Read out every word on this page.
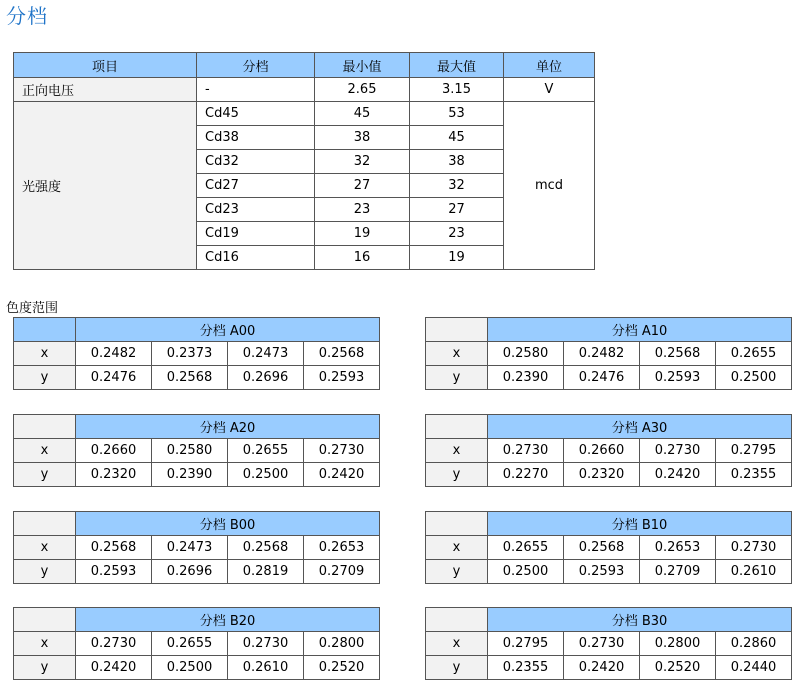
分档
项目	分档	最小值	最大值	单位
正向电压	-	2.65	3.15	V
光强度	Cd45	45	53	mcd
	Cd38	38	45	
	Cd32	32	38	
	Cd27	27	32	
	Cd23	23	27	
	Cd19	19	23	
	Cd16	16	19	
色度范围
	分档 A00			
x	0.2482	0.2373	0.2473	0.2568
y	0.2476	0.2568	0.2696	0.2593
	分档 A10			
x	0.2580	0.2482	0.2568	0.2655
y	0.2390	0.2476	0.2593	0.2500
	分档 A20			
x	0.2660	0.2580	0.2655	0.2730
y	0.2320	0.2390	0.2500	0.2420
	分档 A30			
x	0.2730	0.2660	0.2730	0.2795
y	0.2270	0.2320	0.2420	0.2355
	分档 B00			
x	0.2568	0.2473	0.2568	0.2653
y	0.2593	0.2696	0.2819	0.2709
	分档 B10			
x	0.2655	0.2568	0.2653	0.2730
y	0.2500	0.2593	0.2709	0.2610
	分档 B20			
x	0.2730	0.2655	0.2730	0.2800
y	0.2420	0.2500	0.2610	0.2520
	分档 B30			
x	0.2795	0.2730	0.2800	0.2860
y	0.2355	0.2420	0.2520	0.2440
